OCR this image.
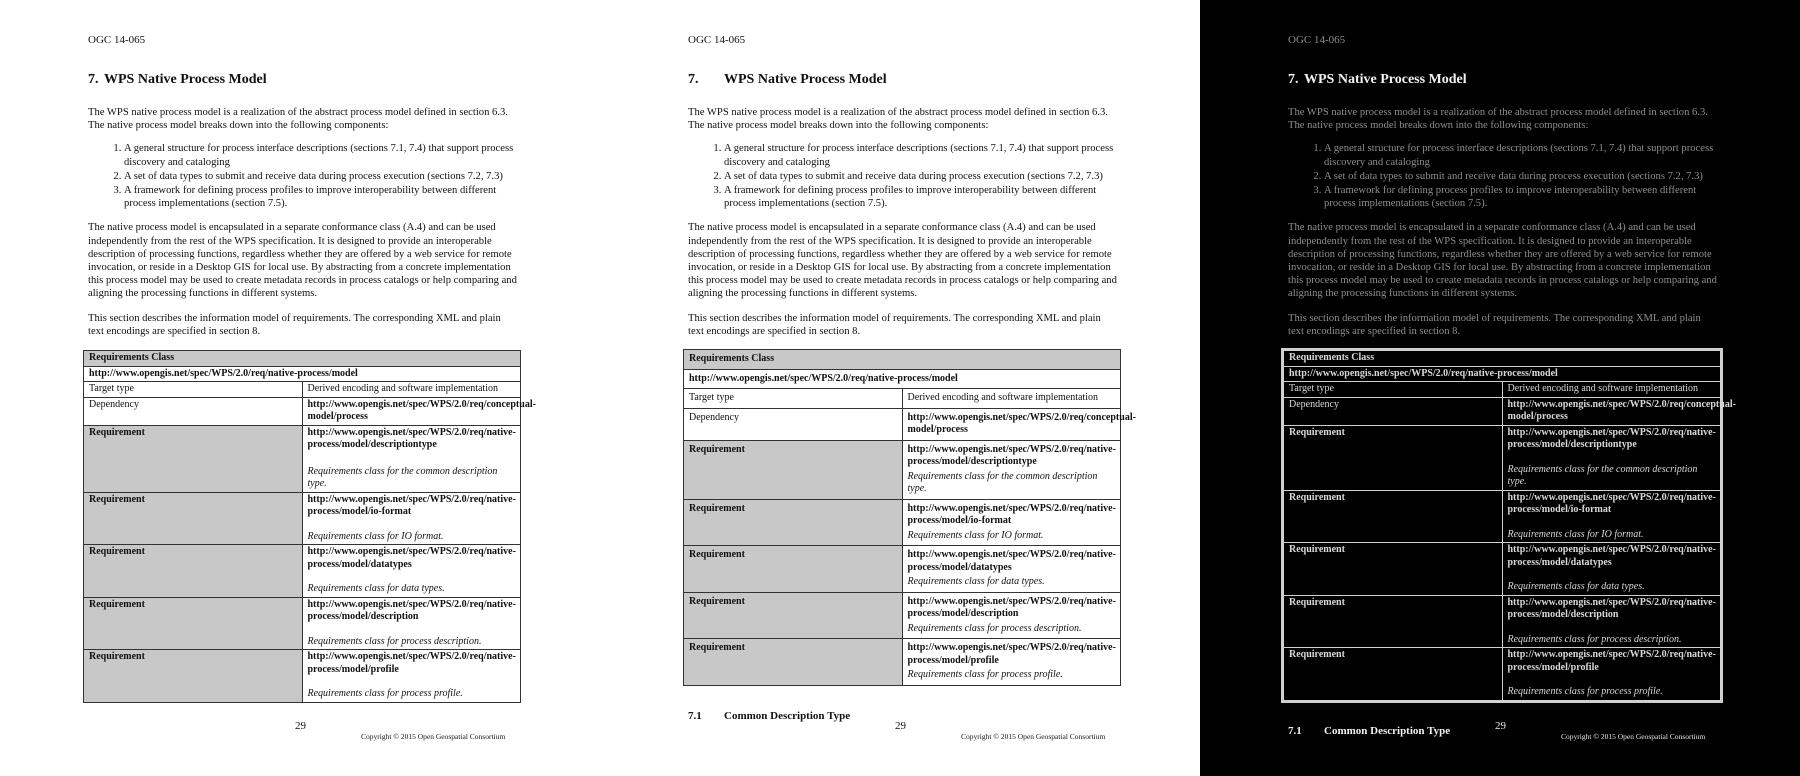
OGC 14-065
7. WPS Native Process Model
The WPS native process model is a realization of the abstract process model defined in section 6.3. The native process model breaks down into the following components:
1. A general structure for process interface descriptions (sections 7.1, 7.4) that support process discovery and cataloging
2. A set of data types to submit and receive data during process execution (sections 7.2, 7.3)
3. A framework for defining process profiles to improve interoperability between different process implementations (section 7.5).
The native process model is encapsulated in a separate conformance class (A.4) and can be used independently from the rest of the WPS specification. It is designed to provide an interoperable description of processing functions, regardless whether they are offered by a web service for remote invocation, or reside in a Desktop GIS for local use. By abstracting from a concrete implementation this process model may be used to create metadata records in process catalogs or help comparing and aligning the processing functions in different systems.
This section describes the information model of requirements. The corresponding XML and plain text encodings are specified in section 8.
Requirements Class	
http://www.opengis.net/spec/WPS/2.0/req/native-process/model	
Target type	Derived encoding and software implementation
Dependency	http://www.opengis.net/spec/WPS/2.0/req/conceptual-model/process
Requirement	http://www.opengis.net/spec/WPS/2.0/req/native-process/model/descriptiontype
Requirements class for the common description type.

Requirement	http://www.opengis.net/spec/WPS/2.0/req/native-process/model/io-format
Requirements class for IO format.

Requirement	http://www.opengis.net/spec/WPS/2.0/req/native-process/model/datatypes
Requirements class for data types.

Requirement	http://www.opengis.net/spec/WPS/2.0/req/native-process/model/description
Requirements class for process description.

Requirement	http://www.opengis.net/spec/WPS/2.0/req/native-process/model/profile
Requirements class for process profile.
29
Copyright © 2015 Open Geospatial Consortium
OGC 14-065
7. WPS Native Process Model
The WPS native process model is a realization of the abstract process model defined in section 6.3. The native process model breaks down into the following components:
1. A general structure for process interface descriptions (sections 7.1, 7.4) that support process discovery and cataloging
2. A set of data types to submit and receive data during process execution (sections 7.2, 7.3)
3. A framework for defining process profiles to improve interoperability between different process implementations (section 7.5).
The native process model is encapsulated in a separate conformance class (A.4) and can be used independently from the rest of the WPS specification. It is designed to provide an interoperable description of processing functions, regardless whether they are offered by a web service for remote invocation, or reside in a Desktop GIS for local use. By abstracting from a concrete implementation this process model may be used to create metadata records in process catalogs or help comparing and aligning the processing functions in different systems.
This section describes the information model of requirements. The corresponding XML and plain text encodings are specified in section 8.
Requirements Class	
http://www.opengis.net/spec/WPS/2.0/req/native-process/model	
Target type	Derived encoding and software implementation
Dependency	http://www.opengis.net/spec/WPS/2.0/req/conceptual-model/process
Requirement	http://www.opengis.net/spec/WPS/2.0/req/native-process/model/descriptiontype
Requirements class for the common description type.

Requirement	http://www.opengis.net/spec/WPS/2.0/req/native-process/model/io-format
Requirements class for IO format.

Requirement	http://www.opengis.net/spec/WPS/2.0/req/native-process/model/datatypes
Requirements class for data types.

Requirement	http://www.opengis.net/spec/WPS/2.0/req/native-process/model/description
Requirements class for process description.

Requirement	http://www.opengis.net/spec/WPS/2.0/req/native-process/model/profile
Requirements class for process profile.
7.1 Common Description Type
29
Copyright © 2015 Open Geospatial Consortium
OGC 14-065
7. WPS Native Process Model
The WPS native process model is a realization of the abstract process model defined in section 6.3. The native process model breaks down into the following components:
1. A general structure for process interface descriptions (sections 7.1, 7.4) that support process discovery and cataloging
2. A set of data types to submit and receive data during process execution (sections 7.2, 7.3)
3. A framework for defining process profiles to improve interoperability between different process implementations (section 7.5).
The native process model is encapsulated in a separate conformance class (A.4) and can be used independently from the rest of the WPS specification. It is designed to provide an interoperable description of processing functions, regardless whether they are offered by a web service for remote invocation, or reside in a Desktop GIS for local use. By abstracting from a concrete implementation this process model may be used to create metadata records in process catalogs or help comparing and aligning the processing functions in different systems.
This section describes the information model of requirements. The corresponding XML and plain text encodings are specified in section 8.
Requirements Class	
http://www.opengis.net/spec/WPS/2.0/req/native-process/model	
Target type	Derived encoding and software implementation
Dependency	http://www.opengis.net/spec/WPS/2.0/req/conceptual-model/process
Requirement	http://www.opengis.net/spec/WPS/2.0/req/native-process/model/descriptiontype
Requirements class for the common description type.

Requirement	http://www.opengis.net/spec/WPS/2.0/req/native-process/model/io-format
Requirements class for IO format.

Requirement	http://www.opengis.net/spec/WPS/2.0/req/native-process/model/datatypes
Requirements class for data types.

Requirement	http://www.opengis.net/spec/WPS/2.0/req/native-process/model/description
Requirements class for process description.

Requirement	http://www.opengis.net/spec/WPS/2.0/req/native-process/model/profile
Requirements class for process profile.
7.1 Common Description Type	29
Copyright © 2015 Open Geospatial Consortium
